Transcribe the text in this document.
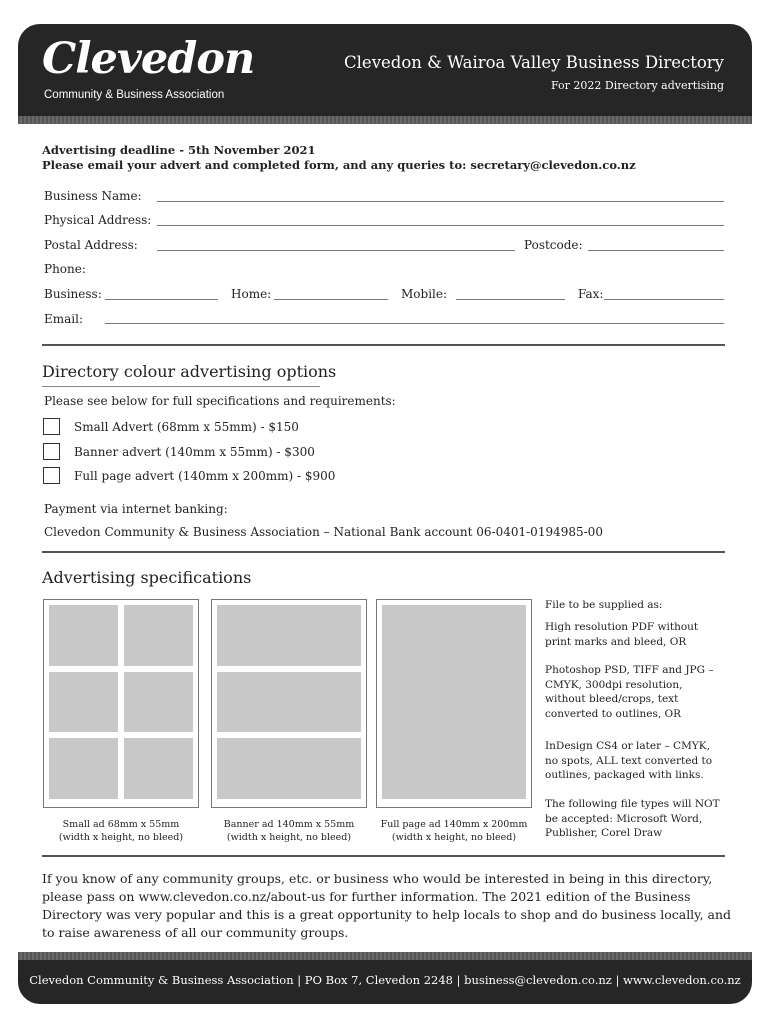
Clevedon
Community & Business Association
Clevedon & Wairoa Valley Business Directory
For 2022 Directory advertising
Advertising deadline - 5th November 2021
Please email your advert and completed form, and any queries to: secretary@clevedon.co.nz
Business Name:
Physical Address:
Postal Address:	Postcode:
Phone:
Business:	Home:	Mobile:	Fax:
Email:
Directory colour advertising options
Please see below for full specifications and requirements:
Small Advert (68mm x 55mm) - $150
Banner advert (140mm x 55mm) - $300
Full page advert (140mm x 200mm) - $900
Payment via internet banking:
Clevedon Community & Business Association – National Bank account 06-0401-0194985-00
Advertising specifications
Small ad 68mm x 55mm
(width x height, no bleed)
Banner ad 140mm x 55mm
(width x height, no bleed)
Full page ad 140mm x 200mm
(width x height, no bleed)
File to be supplied as:
High resolution PDF without print marks and bleed, OR
Photoshop PSD, TIFF and JPG – CMYK, 300dpi resolution, without bleed/crops, text converted to outlines, OR
InDesign CS4 or later – CMYK, no spots, ALL text converted to outlines, packaged with links.
The following file types will NOT be accepted: Microsoft Word, Publisher, Corel Draw
If you know of any community groups, etc. or business who would be interested in being in this directory, please pass on www.clevedon.co.nz/about-us for further information. The 2021 edition of the Business Directory was very popular and this is a great opportunity to help locals to shop and do business locally, and to raise awareness of all our community groups.
Clevedon Community & Business Association | PO Box 7, Clevedon 2248 | business@clevedon.co.nz | www.clevedon.co.nz
